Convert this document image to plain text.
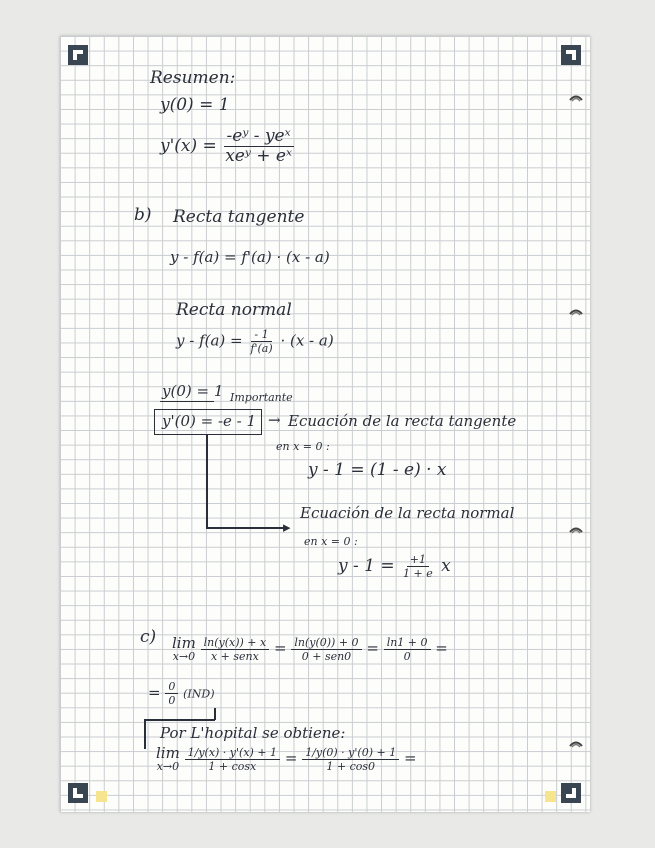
Resumen:
y(0) = 1
$y'(x) = \frac{\text{-eʸ - yeˣ}}{\text{xeʸ + eˣ}}$
b) Recta tangente
y - f(a) = f'(a) · (x - a)
Recta normal
$y - f(a) = \frac{- 1}{f'(a)} \cdot (x - a)$
y(0) = 1 Importante
y'(0) = -e - 1 → Ecuación de la recta tangente
en x = 0 :
y - 1 = (1 - e) · x
▸
Ecuación de la recta normal
en x = 0 :
$y - 1 = \frac{+1}{1 + e}$ x
c) lim
x→0
$\frac{\ln(y(x)) + x}{\text{x + senx}} = \frac{\ln(y(0)) + 0}{\text{0 + sen0}} = \frac{\ln 1 + 0}{0}$ =
= $\frac{0}{0} (IND)$
Por L'hopital se obtiene:
lim
x→0
$\frac{1/y(x) \cdot y'(x) + 1}{1 + \cos x} = \frac{1/y(0) \cdot y'(0) + 1}{1 + \cos 0}$ =
